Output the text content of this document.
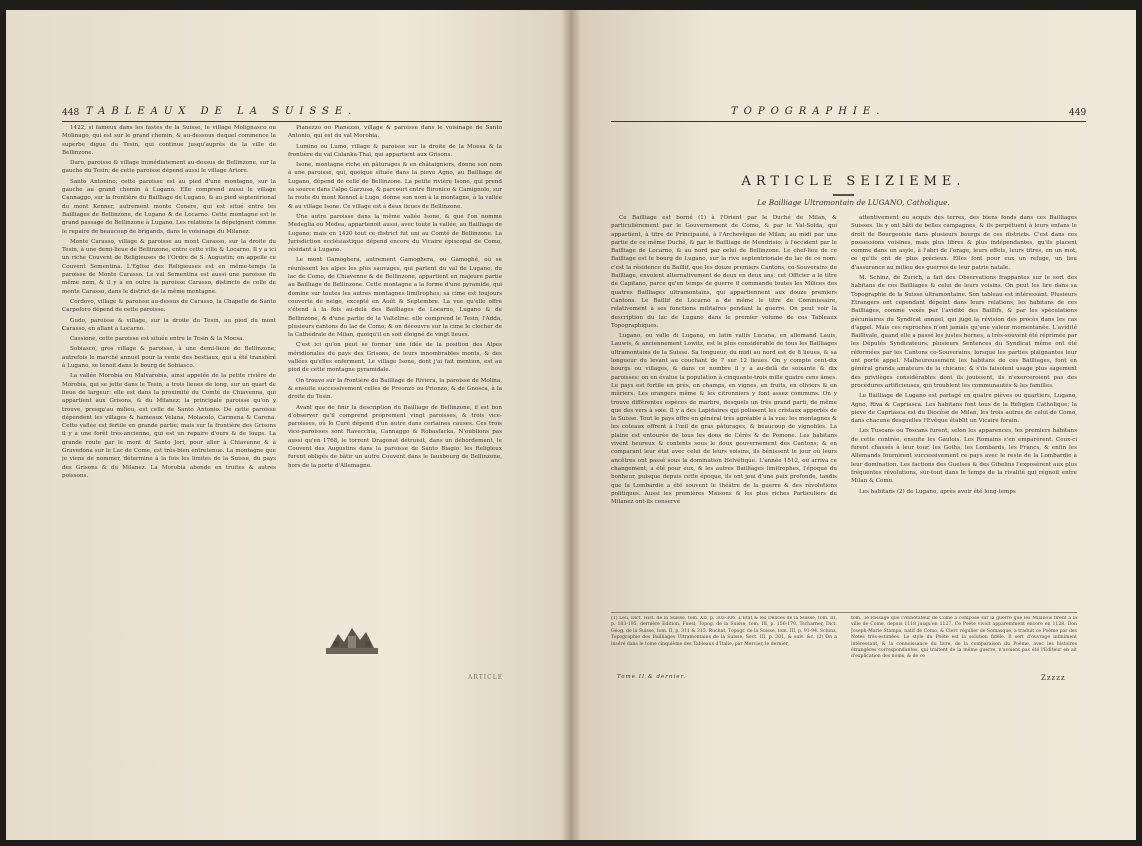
448 TABLEAUX DE LA SUISSE.

1422, si fameux dans les fastes de la Suisse, le village Molignasco ou Molinago, qui est sur le grand chemin, & au-dessous duquel commence la superbe digue du Tesin, qui continue jusqu'auprès de la ville de Bellinzone.

Daro, paroisse & village immédiatement au-dessus de Bellinzone, sur la gauche du Tesin; de cette paroisse dépend aussi le village Artore.

Santo Antonino; cette paroisse est au pied d'une montagne, sur la gauche au grand chemin à Lugano. Elle comprend aussi le village Cannaggo, sur la frontière du Bailliage de Lugano, & au pied septentrional du mont Kenner, autrement monte Cenere, qui est situé entre les Bailliages de Bellinzone, de Lugano & de Locarno. Cette montagne est le grand passage de Bellinzone à Lugano. Les relations la dépeignent comme le repaire de beaucoup de brigands, dans le voisinage du Milanez.

Monte Carasso, village & paroisse au mont Carasso, sur la droite du Tesin, à une demi-lieue de Bellinzone, entre cette ville & Locarno. Il y a ici un riche Couvent de Religieuses de l'Ordre de S. Augustin; on appelle ce Couvent Sementina. L'Eglise des Religieuses est en même-temps la paroisse de Monte Carasso. Le val Sementina est aussi une paroisse du même nom, & il y a en outre la paroisse Carasso, distincte de celle de monte Carasso, dans le district de la même montagne.

Cordovo, village & paroisse au-dessus de Carasso, la Chapelle de Santo Carpoforo dépend de cette paroisse.

Gudo, paroisse & village, sur la droite du Tesin, au pied du mont Carasso, en allant à Locarno.

Cassione, cette paroisse est située entre le Tesin & la Moesa.

Sobiasco, gros village & paroisse, à une demi-lieue de Bellinzone; autrefois le marché annuel pour la vente des bestiaux, qui a été transféré à Lugano, se tenoit dans le bourg de Sobiasco.

La vallée Morobia ou Malvarobia, ainsi appelée de la petite rivière de Morobia, qui se jette dans le Tesin, a trois lieues de long, sur un quart de lieue de largeur: elle est dans la proximité du Comté de Chiavenna, qui appartient aux Grisons, & du Milanez; la principale paroisse qu'on y trouve, presqu'au milieu, est celle de Santo Antonio. De cette paroisse dépendent les villages & hameaux Velana, Molacolo, Carmena & Carena. Cette vallée est fertile en grande partie; mais sur la frontière des Grisons il y a une forêt très-ancienne, qui est un repaire d'ours & de loups. La grande route par le mont di Santo Jori, pour aller à Chiavenne & à Gravedona sur le Lac de Come, est très-bien entretenue. La montagne que je viens de nommer, détermine à la fois les limites de la Suisse, du pays des Grisons & du Milanez. La Morobia abonde en truites & autres poissons.

Pianezzo ou Pianezzo, village & paroisse dans le voisinage de Santo Antonio, qui est du val Morobia.

Lumino ou Lumo, village & paroisse sur la droite de la Moesa & la frontière du val Calanka-Thal, qui appartient aux Grisons.

Isone, montagne riche en pâturages & en châtaigniers, donne son nom à une paroisse, qui, quoique située dans la pieve Agno, au Bailliage de Lugano, dépend de celle de Bellinzone. La petite rivière Isone, qui prend sa source dans l'alpe Garzuso, & parcourt entre Bironico & Camignolo, sur la route du mont Kennel à Lugo, donne son nom à la montagne, à la vallée & au village Isone. Ce village est à deux lieues de Bellinzone.

Une autre paroisse dans la même vallée Isone, & que l'on nomme Medeglia ou Medea, appartenoit aussi, avec toute la vallée, au Bailliage de Lugano; mais en 1420 tout ce district fut uni au Comté de Bellinzone. La Jurisdiction ecclésiastique dépend encore du Vicaire épiscopal de Como, résidant à Lugano.

Le mont Gamoghera, autrement Gamoghera, ou Gamoghé, où se réunissent les alpes les plus sauvages, qui partent du val de Lugano, du lac de Como, de Chiavenne & de Bellinzone, appartient en majeure partie au Bailliage de Bellinzone. Cette montagne a la forme d'une pyramide, qui domine sur toutes les autres montagnes limitrophes; sa cime est toujours couverte de neige, excepté en Août & Septembre. La vue qu'elle offre s'étend à la fois au-delà des Bailliages de Locarno, Lugano & de Bellinzone, & d'une partie de la Valteline: elle comprend le Tesin, l'Adda, plusieurs cantons du lac de Como; & on découvre sur la cime le clocher de la Cathédrale de Milan, quoiqu'il en soit éloigné de vingt lieues.

C'est ici qu'on peut se former une idée de la position des Alpes méridionales du pays des Grisons, de leurs innombrables monts, & des vallées qu'elles enferment. Le village Isone, dont j'ai fait mention, est au pied de cette montagne pyramidale.

On trouve sur la frontière du Bailliage de Riviera, la paroisse de Molina, & ensuite successivement celles de Preonzo ou Prionzo, & de Gnosca, à la droite du Tesin.

Avant que de finir la description du Bailliage de Bellinzone, il est bon d'observer qu'il comprend proprement vingt paroisses, & trois vice-paroisses, où le Curé dépend d'un autre dans certaines causes. Ces trois vice-paroisses sont Ravecchia, Cannaggo & Robasfacka. N'oublions pas aussi qu'en 1768, le torrent Dragonat détruisit, dans un débordement, le Couvent des Augustins dans la paroisse de Santo Biagio: les Religieux furent obligés de bâtir un autre Couvent dans le fauxbourg de Bellinzone, hors de la porte d'Allemagne.

ARTICLE
TOPOGRAPHIE.	449
ARTICLE SEIZIEME.
Le Bailliage Ultramontain de LUGANO, Catholique.

Ce Bailliage est borné (1) à l'Orient par le Duché de Milan, & particulièrement par le Gouvernement de Como, & par le Val-Solda, qui appartient, à titre de Principauté, à l'Archevêque de Milan; au midi par une partie de ce même Duché, & par le Bailliage de Mendrisio; à l'occident par le Bailliage de Locarno, & au nord par celui de Bellinzone. Le chef-lieu de ce Bailliage est le bourg de Lugano, sur la rive septentrionale du lac de ce nom: c'est la résidence du Baillif, que les douze premiers Cantons, co-Souverains du Bailliage, envoient alternativement de deux en deux ans: cet Officier a le titre de Capitano, parce qu'en temps de guerre il commande toutes les Milices des quatres Bailliages ultramontains, qui appartiennent aux douze premiers Cantons. Le Baillif de Locarno a de même le titre de Commissaire, relativement à ses fonctions militaires pendant la guerre. On peut voir la description du lac de Lugano dans le premier volume de ces Tableaux Topographiques.

Lugano, ou valle di Lugano, en latin vallis Lucana, en allemand Lauis, Lauwis, & anciennement Lowitz, est le plus considérable de tous les Bailliages ultramontains de la Suisse. Sa longueur, du midi au nord est de 8 lieues, & sa longueur du levant au couchant de 7 sur 12 lieues. On y compte cent-dix bourgs ou villages, & dans ce nombre il y a au-delà de soixante & dix paroisses: on en évalue la population à cinquante-trois mille quatre cens âmes. Le pays est fertile en prés, en champs, en vignes, en fruits, en oliviers & en mûriers. Les orangers même & les citronniers y font assez communs. On y trouve différentes espèces de marbre, desquels un très grand parti, de même que des vers à soie. Il y a des Lapidaires qui polissent les cristaux apportés de la Suisse. Tout le pays offre en général très agréable à la vue: les montagnes & les coteaux offrent à l'œil de gras pâturages, & beaucoup de vignobles. La plaine est entourée de tous les dons de Cérès & de Pomone. Les habitans vivent heureux & contents sous le doux gouvernement des Cantons; & en comparant leur état avec celui de leurs voisins, ils bénissent le jour où leurs ancêtres ont passé sous la domination Helvétique. L'année 1512, où arriva ce changement, a été pour eux, & les autres Bailliages limitrophes, l'époque du bonheur, puisque depuis cette époque, ils ont joui d'une paix profonde, tandis que la Lombardie a été souvent le théâtre de la guerre & des révolutions politiques. Aussi les premières Maisons & les plus riches Particuliers du Milanez ont-ils conservé

attentivement ou acquis des terres, des biens fonds dans ces Bailliages Suisses. Ils y ont bâti de belles campagnes, & ils perpétuent à leurs enfans le droit de Bourgeoisie dans plusieurs bourgs de ces districts. C'est dans ces possessions voisines, mais plus libres & plus indépendantes, qu'ils placent comme dans un asyle, à l'abri de l'orage, leurs effets, leurs titres, en un mot, ce qu'ils ont de plus précieux. Elles font pour eux un refuge, un lieu d'assurance au milieu des guerres de leur patrie natale.

M. Schinz, de Zurich, a fait des Observations frappantes sur le sort des habitans de ces Bailliages & celui de leurs voisins. On peut les lire dans sa Topographie de la Suisse ultramontaine. Son tableau est intéressant. Plusieurs Etrangers ont cependant dépeint dans leurs relations, les habitans de ces Bailliages, comme vexés par l'avidité des Baillifs, & par les spéculations pécuniaires du Syndicat annuel, qui juge la révision des procès dans les cas d'appel. Mais ces reproches n'ont jamais qu'une valeur momentanée. L'avidité Baillivale, quand elle a passé les justes bornes, a très-souvent été réprimée par les Députés Syndicateurs; plusieurs Sentences du Syndicat même ont été réformées par les Cantons co-Souverains, lorsque les parties plaignantes leur ont porté appel. Malheureusement les habitans de ces Bailliages, font en général grands amateurs de la chicane; & s'ils faisoient usage plus sagement des privilèges considérables dont ils jouissent, ils n'exerceroient pas des procédures artificieuses, qui troublent les communautés & les familles.

Le Bailliage de Lugano est partagé en quatre pièves ou quartiers, Lugano, Agno, Riva & Capriasca. Les habitans font tous de la Religion Catholique; la pieve de Capriasca est du Diocèse de Milan, les trois autres de celui de Como, dans chacune desquelles l'Evêque établit un Vicaire forain.

Les Tuscans ou Toscans furent, selon les apparences, les premiers habitans de cette contrée, ensuite les Gaulois. Les Romains s'en emparèrent. Ceux-ci furent chassés à leur tour, les Goths, les Lombards, les Francs, & enfin les Allemands fournirent successivement ce pays avec le reste de la Lombardie à leur domination. Les factions des Guelses & des Gibelins l'exposèrent aux plus fréquentes révolutions, sur-tout dans le temps de la rivalité qui régnoit entre Milan & Como.

Les habitans (2) de Lugano, après avoir été long-temps

(1) Leu, Dict. Hist. de la Suisse, tom. XII, p. 303-306. L'Etat & les Délices de la Suisse, tom. III, p. 183-195, dernière Edition. Fuesl, Topog. de la Suisse, tom. III, p. 156-170. Tscharner, Dict. Géog. de la Suisse, tom. II, p. 311 & 315. Ruchat, Topogr. de la Suisse, tom. III, p. 91-94. Schinz, Topographie des Bailliages Ultramontains de la Suisse, Sect. III, p. 301, & suiv. &c. (2) On a inséré dans le tome cinquième des Tableaux d'Italie, par Mercier, le dernier,
tom., le Passage que l'Annotateur de Come a composé sur la guerre que les Milanois firent à la ville de Come, depuis 1118 jusqu'en 1127. Ce Poëte vivoit apparemment encore en 1128. Don Joseph-Marie Stampa, natif de Como, & Clerc régulier de Somasque, a traduit ce Poëme par des Notes très-estimées. Le style du Poëte est la solution fidèle. Il sert d'ouvrage infiniment intéressant, & la connoissance du livre, de la comparaison du Poëme, avec les histoires étrangères correspondantes, qui traitent de la même guerre, n'avoient pas été l'Editeur en ait d'explication des noms, & de ce
Tome II & dernier.	Zzzzz
